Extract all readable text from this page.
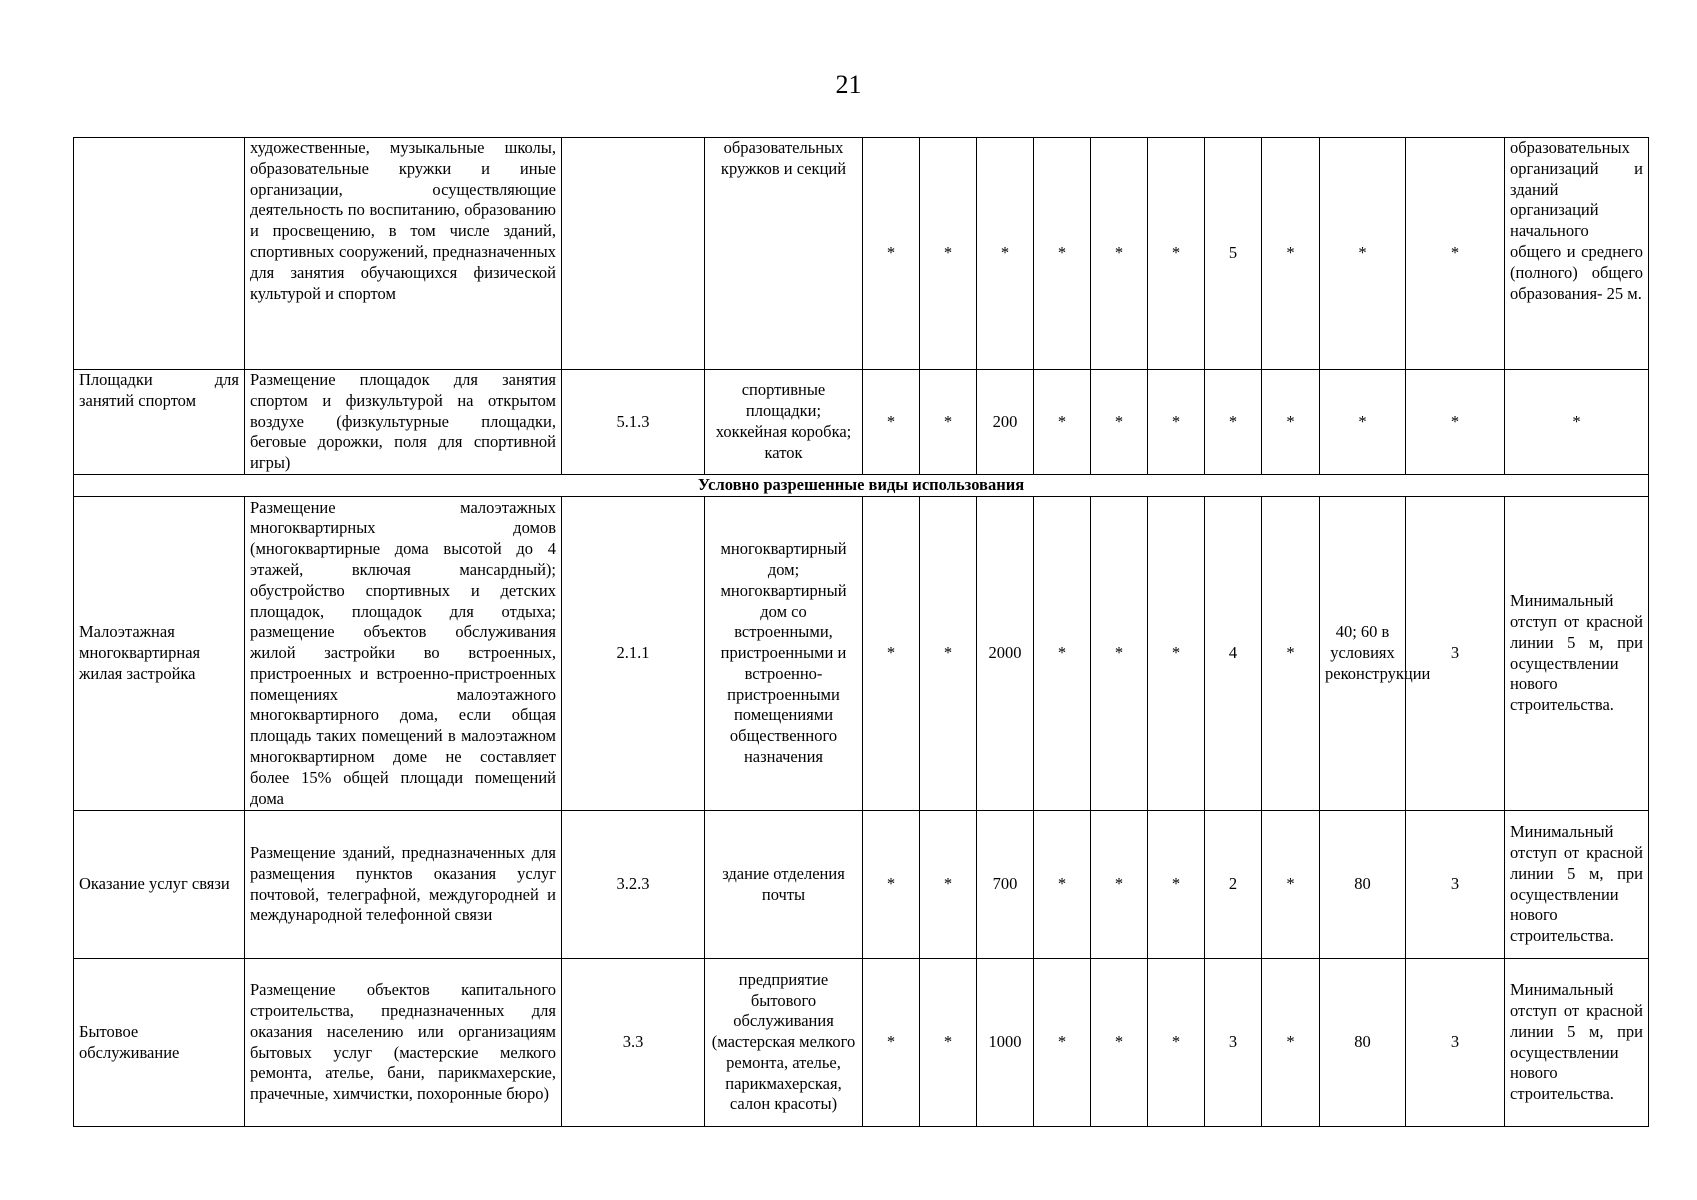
21
	художественные, музыкальные школы, образовательные кружки и иные организации, осуществляющие деятельность по воспитанию, образованию и просвещению, в том числе зданий, спортивных сооружений, предназначенных для занятия обучающихся физической культурой и спортом		образовательных кружков и секций	*	*	*	*	*	*	5	*	*	*	образовательных организаций и зданий организаций начального общего и среднего (полного) общего образования- 25 м.
Площадки для занятий спортом	Размещение площадок для занятия спортом и физкультурой на открытом воздухе (физкультурные площадки, беговые дорожки, поля для спортивной игры)	5.1.3	спортивные площадки; хоккейная коробка; каток	*	*	200	*	*	*	*	*	*	*	*
Условно разрешенные виды использования														
Малоэтажная многоквартирная жилая застройка	Размещение малоэтажных многоквартирных домов (многоквартирные дома высотой до 4 этажей, включая мансардный); обустройство спортивных и детских площадок, площадок для отдыха; размещение объектов обслуживания жилой застройки во встроенных, пристроенных и встроенно-пристроенных помещениях малоэтажного многоквартирного дома, если общая площадь таких помещений в малоэтажном многоквартирном доме не составляет более 15% общей площади помещений дома	2.1.1	многоквартирный дом; многоквартирный дом со встроенными, пристроенными и встроенно-пристроенными помещениями общественного назначения	*	*	2000	*	*	*	4	*	40; 60 в условиях реконструкции	3	Минимальный отступ от красной линии 5 м, при осуществлении нового строительства.
Оказание услуг связи	Размещение зданий, предназначенных для размещения пунктов оказания услуг почтовой, телеграфной, междугородней и международной телефонной связи	3.2.3	здание отделения почты	*	*	700	*	*	*	2	*	80	3	Минимальный отступ от красной линии 5 м, при осуществлении нового строительства.
Бытовое обслуживание	Размещение объектов капитального строительства, предназначенных для оказания населению или организациям бытовых услуг (мастерские мелкого ремонта, ателье, бани, парикмахерские, прачечные, химчистки, похоронные бюро)	3.3	предприятие бытового обслуживания (мастерская мелкого ремонта, ателье, парикмахерская, салон красоты)	*	*	1000	*	*	*	3	*	80	3	Минимальный отступ от красной линии 5 м, при осуществлении нового строительства.
